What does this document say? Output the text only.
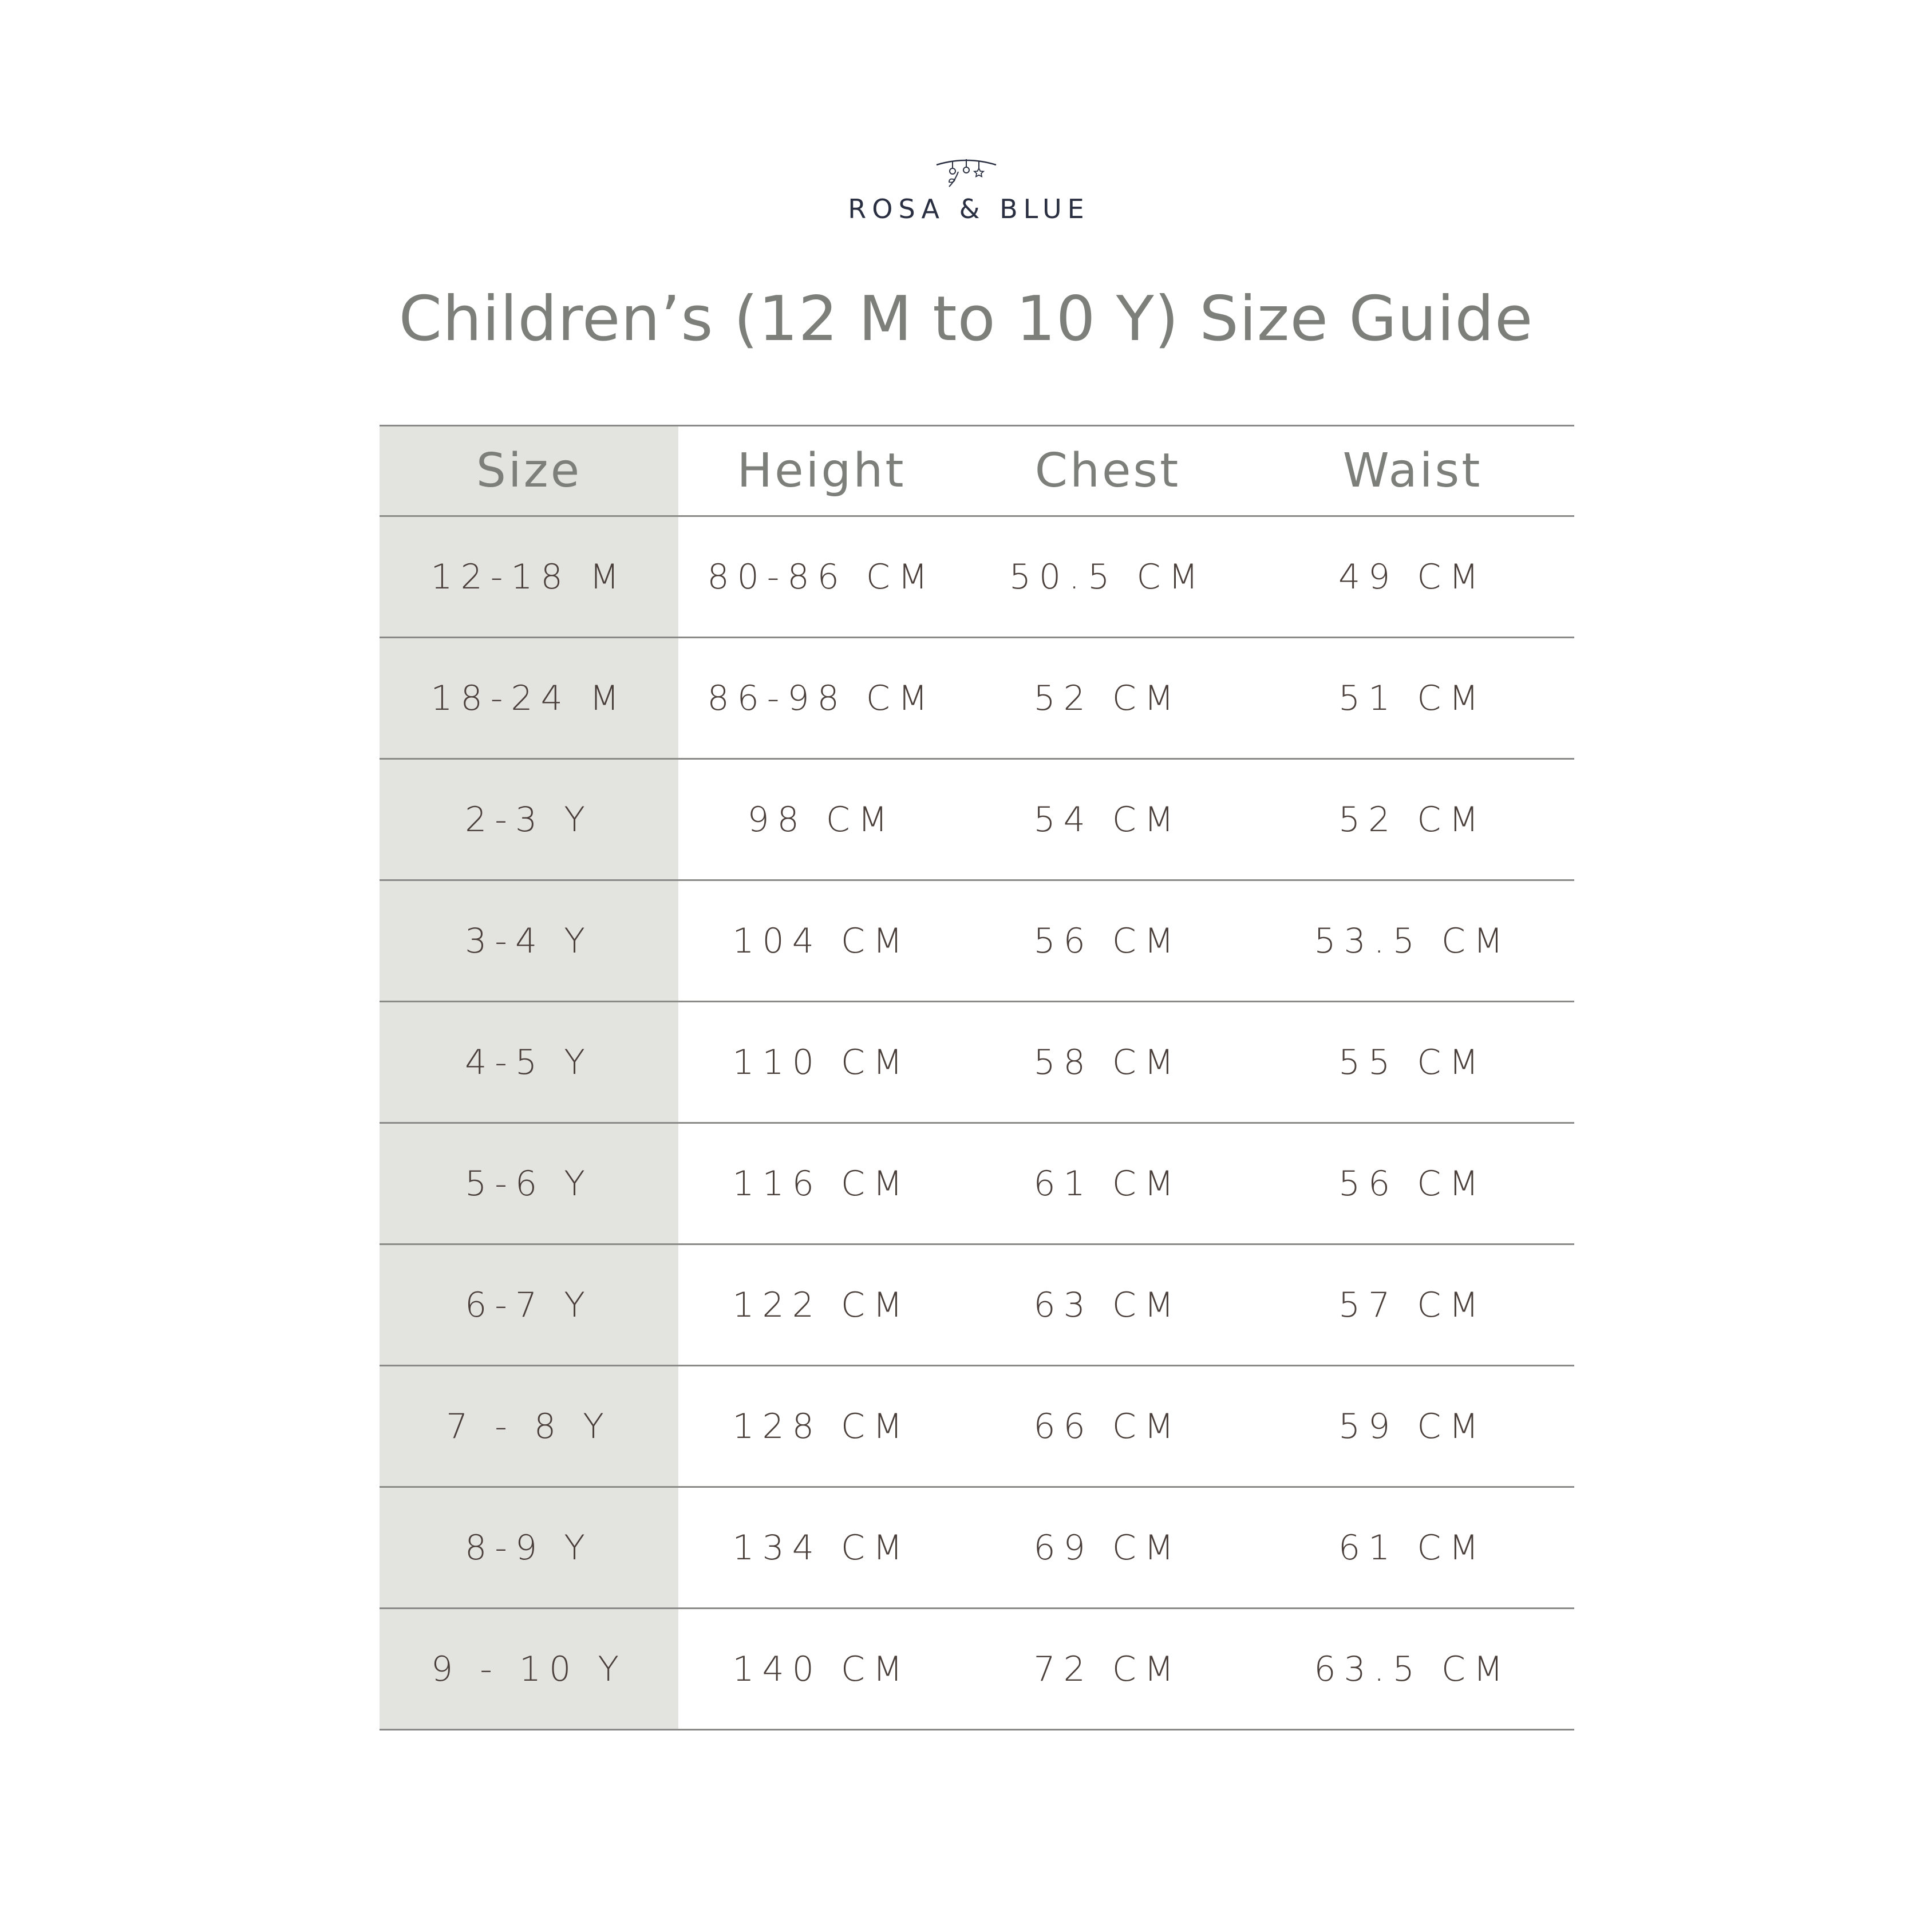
ROSA & BLUE
Children’s (12 M to 10 Y) Size Guide
Size	Height	Chest	Waist
12-18 M	80-86 CM	50.5 CM	49 CM
18-24 M	86-98 CM	52 CM	51 CM
2-3 Y	98 CM	54 CM	52 CM
3-4 Y	104 CM	56 CM	53.5 CM
4-5 Y	110 CM	58 CM	55 CM
5-6 Y	116 CM	61 CM	56 CM
6-7 Y	122 CM	63 CM	57 CM
7 - 8 Y	128 CM	66 CM	59 CM
8-9 Y	134 CM	69 CM	61 CM
9 - 10 Y	140 CM	72 CM	63.5 CM
